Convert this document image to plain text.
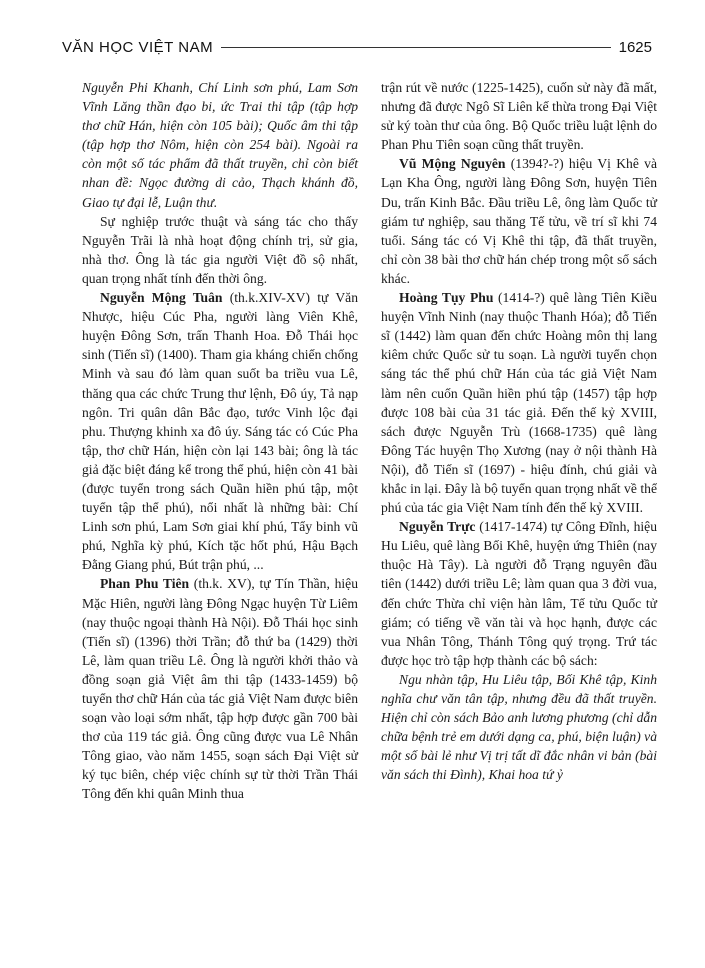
VĂN HỌC VIỆT NAM	1625

Nguyễn Phi Khanh, Chí Linh sơn phú, Lam Sơn Vĩnh Lăng thần đạo bi, ức Trai thi tập (tập hợp thơ chữ Hán, hiện còn 105 bài); Quốc âm thi tập (tập hợp thơ Nôm, hiện còn 254 bài). Ngoài ra còn một số tác phẩm đã thất truyền, chỉ còn biết nhan đề: Ngọc đường di cảo, Thạch khánh đồ, Giao tự đại lễ, Luận thư.

Sự nghiệp trước thuật và sáng tác cho thấy Nguyễn Trãi là nhà hoạt động chính trị, sử gia, nhà thơ. Ông là tác gia người Việt đồ sộ nhất, quan trọng nhất tính đến thời ông.

Nguyễn Mộng Tuân (th.k.XIV-XV) tự Văn Nhược, hiệu Cúc Pha, người làng Viên Khê, huyện Đông Sơn, trấn Thanh Hoa. Đỗ Thái học sinh (Tiến sĩ) (1400). Tham gia kháng chiến chống Minh và sau đó làm quan suốt ba triều vua Lê, thăng qua các chức Trung thư lệnh, Đô úy, Tả nạp ngôn. Tri quân dân Bắc đạo, tước Vinh lộc đại phu. Thượng khinh xa đô úy. Sáng tác có Cúc Pha tập, thơ chữ Hán, hiện còn lại 143 bài; ông là tác giả đặc biệt đáng kể trong thể phú, hiện còn 41 bài (được tuyển trong sách Quần hiền phú tập, một tuyển tập thể phú), nổi nhất là những bài: Chí Linh sơn phú, Lam Sơn giai khí phú, Tẩy binh vũ phú, Nghĩa kỳ phú, Kích tặc hốt phú, Hậu Bạch Đằng Giang phú, Bút trận phú, ...

Phan Phu Tiên (th.k. XV), tự Tín Thần, hiệu Mặc Hiên, người làng Đông Ngạc huyện Từ Liêm (nay thuộc ngoại thành Hà Nội). Đỗ Thái học sinh (Tiến sĩ) (1396) thời Trần; đỗ thứ ba (1429) thời Lê, làm quan triều Lê. Ông là người khởi thảo và đồng soạn giả Việt âm thi tập (1433-1459) bộ tuyển thơ chữ Hán của tác giả Việt Nam được biên soạn vào loại sớm nhất, tập hợp được gần 700 bài thơ của 119 tác giả. Ông cũng được vua Lê Nhân Tông giao, vào năm 1455, soạn sách Đại Việt sử ký tục biên, chép việc chính sự từ thời Trần Thái Tông đến khi quân Minh thua

trận rút về nước (1225-1425), cuốn sử này đã mất, nhưng đã được Ngô Sĩ Liên kế thừa trong Đại Việt sử ký toàn thư của ông. Bộ Quốc triều luật lệnh do Phan Phu Tiên soạn cũng thất truyền.

Vũ Mộng Nguyên (1394?-?) hiệu Vị Khê và Lạn Kha Ông, người làng Đông Sơn, huyện Tiên Du, trấn Kinh Bắc. Đầu triều Lê, ông làm Quốc tử giám tư nghiệp, sau thăng Tế tửu, về trí sĩ khi 74 tuổi. Sáng tác có Vị Khê thi tập, đã thất truyền, chỉ còn 38 bài thơ chữ hán chép trong một số sách khác.

Hoàng Tụy Phu (1414-?) quê làng Tiên Kiều huyện Vĩnh Ninh (nay thuộc Thanh Hóa); đỗ Tiến sĩ (1442) làm quan đến chức Hoàng môn thị lang kiêm chức Quốc sử tu soạn. Là người tuyển chọn sáng tác thể phú chữ Hán của tác giả Việt Nam làm nên cuốn Quần hiền phú tập (1457) tập hợp được 108 bài của 31 tác giả. Đến thế kỷ XVIII, sách được Nguyễn Trù (1668-1735) quê làng Đông Tác huyện Thọ Xương (nay ở nội thành Hà Nội), đỗ Tiến sĩ (1697) - hiệu đính, chú giải và khắc in lại. Đây là bộ tuyển quan trọng nhất về thể phú của tác gia Việt Nam tính đến thế kỷ XVIII.

Nguyễn Trực (1417-1474) tự Công Đĩnh, hiệu Hu Liêu, quê làng Bối Khê, huyện ứng Thiên (nay thuộc Hà Tây). Là người đỗ Trạng nguyên đầu tiên (1442) dưới triều Lê; làm quan qua 3 đời vua, đến chức Thừa chỉ viện hàn lâm, Tế tửu Quốc tử giám; có tiếng về văn tài và học hạnh, được các vua Nhân Tông, Thánh Tông quý trọng. Trứ tác được học trò tập hợp thành các bộ sách:

Ngu nhàn tập, Hu Liêu tập, Bối Khê tập, Kinh nghĩa chư văn tân tập, nhưng đều đã thất truyền. Hiện chỉ còn sách Bảo anh lương phương (chỉ dẫn chữa bệnh trẻ em dưới dạng ca, phú, biện luận) và một số bài lẻ như Vị trị tất dĩ đắc nhân vi bản (bài văn sách thi Đình), Khai hoa tứ ỷ
